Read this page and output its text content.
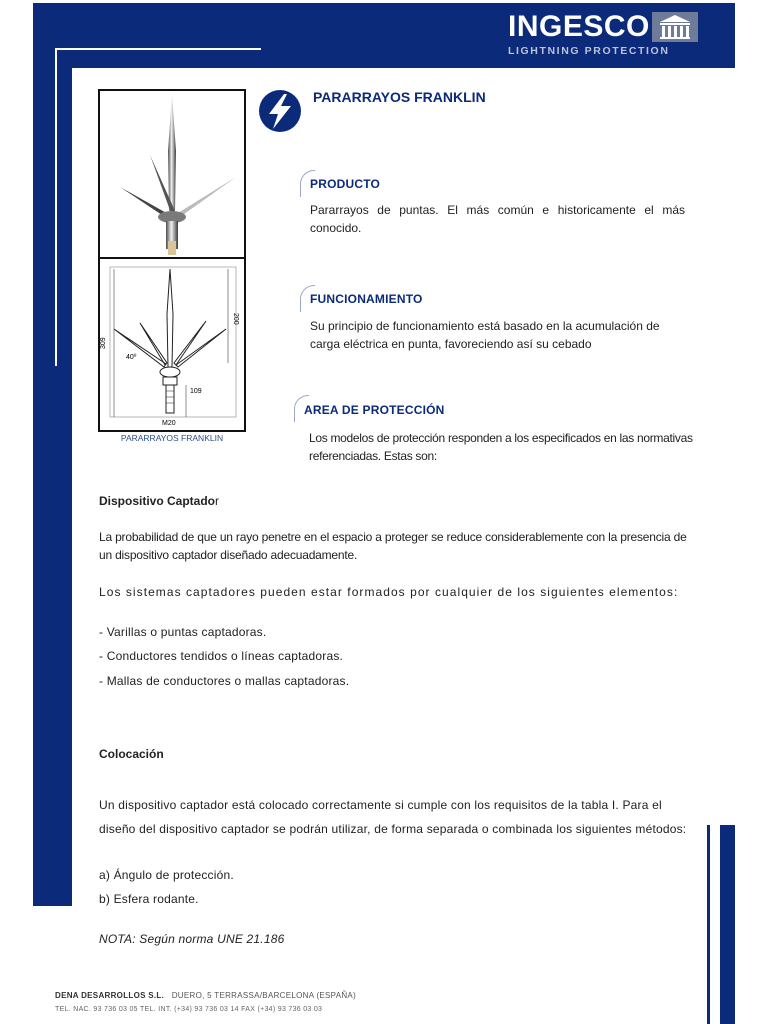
INGESCO
LIGHTNING PROTECTION
309
200
109
40º
M20
PARARRAYOS FRANKLIN
PARARRAYOS FRANKLIN
PRODUCTO
Pararrayos de puntas. El más común e historicamente el más conocido.
FUNCIONAMIENTO
Su principio de funcionamiento está basado en la acumulación de carga eléctrica en punta, favoreciendo así su cebado
AREA DE PROTECCIÓN
Los modelos de protección responden a los especificados en las normativas referenciadas. Estas son:
Dispositivo Captador
La probabilidad de que un rayo penetre en el espacio a proteger se reduce considerablemente con la presencia de un dispositivo captador diseñado adecuadamente.
Los sistemas captadores pueden estar formados por cualquier de los siguientes elementos:
- Varillas o puntas captadoras.
- Conductores tendidos o líneas captadoras.
- Mallas de conductores o mallas captadoras.
Colocación
Un dispositivo captador está colocado correctamente si cumple con los requisitos de la tabla I. Para el diseño del dispositivo captador se podrán utilizar, de forma separada o combinada los siguientes métodos:
a) Ángulo de protección.
b) Esfera rodante.
NOTA: Según norma UNE 21.186
DENA DESARROLLOS S.L. DUERO, 5 TERRASSA/BARCELONA (ESPAÑA)
TEL. NAC. 93 736 03 05 TEL. INT. (+34) 93 736 03 14 FAX (+34) 93 736 03 03
